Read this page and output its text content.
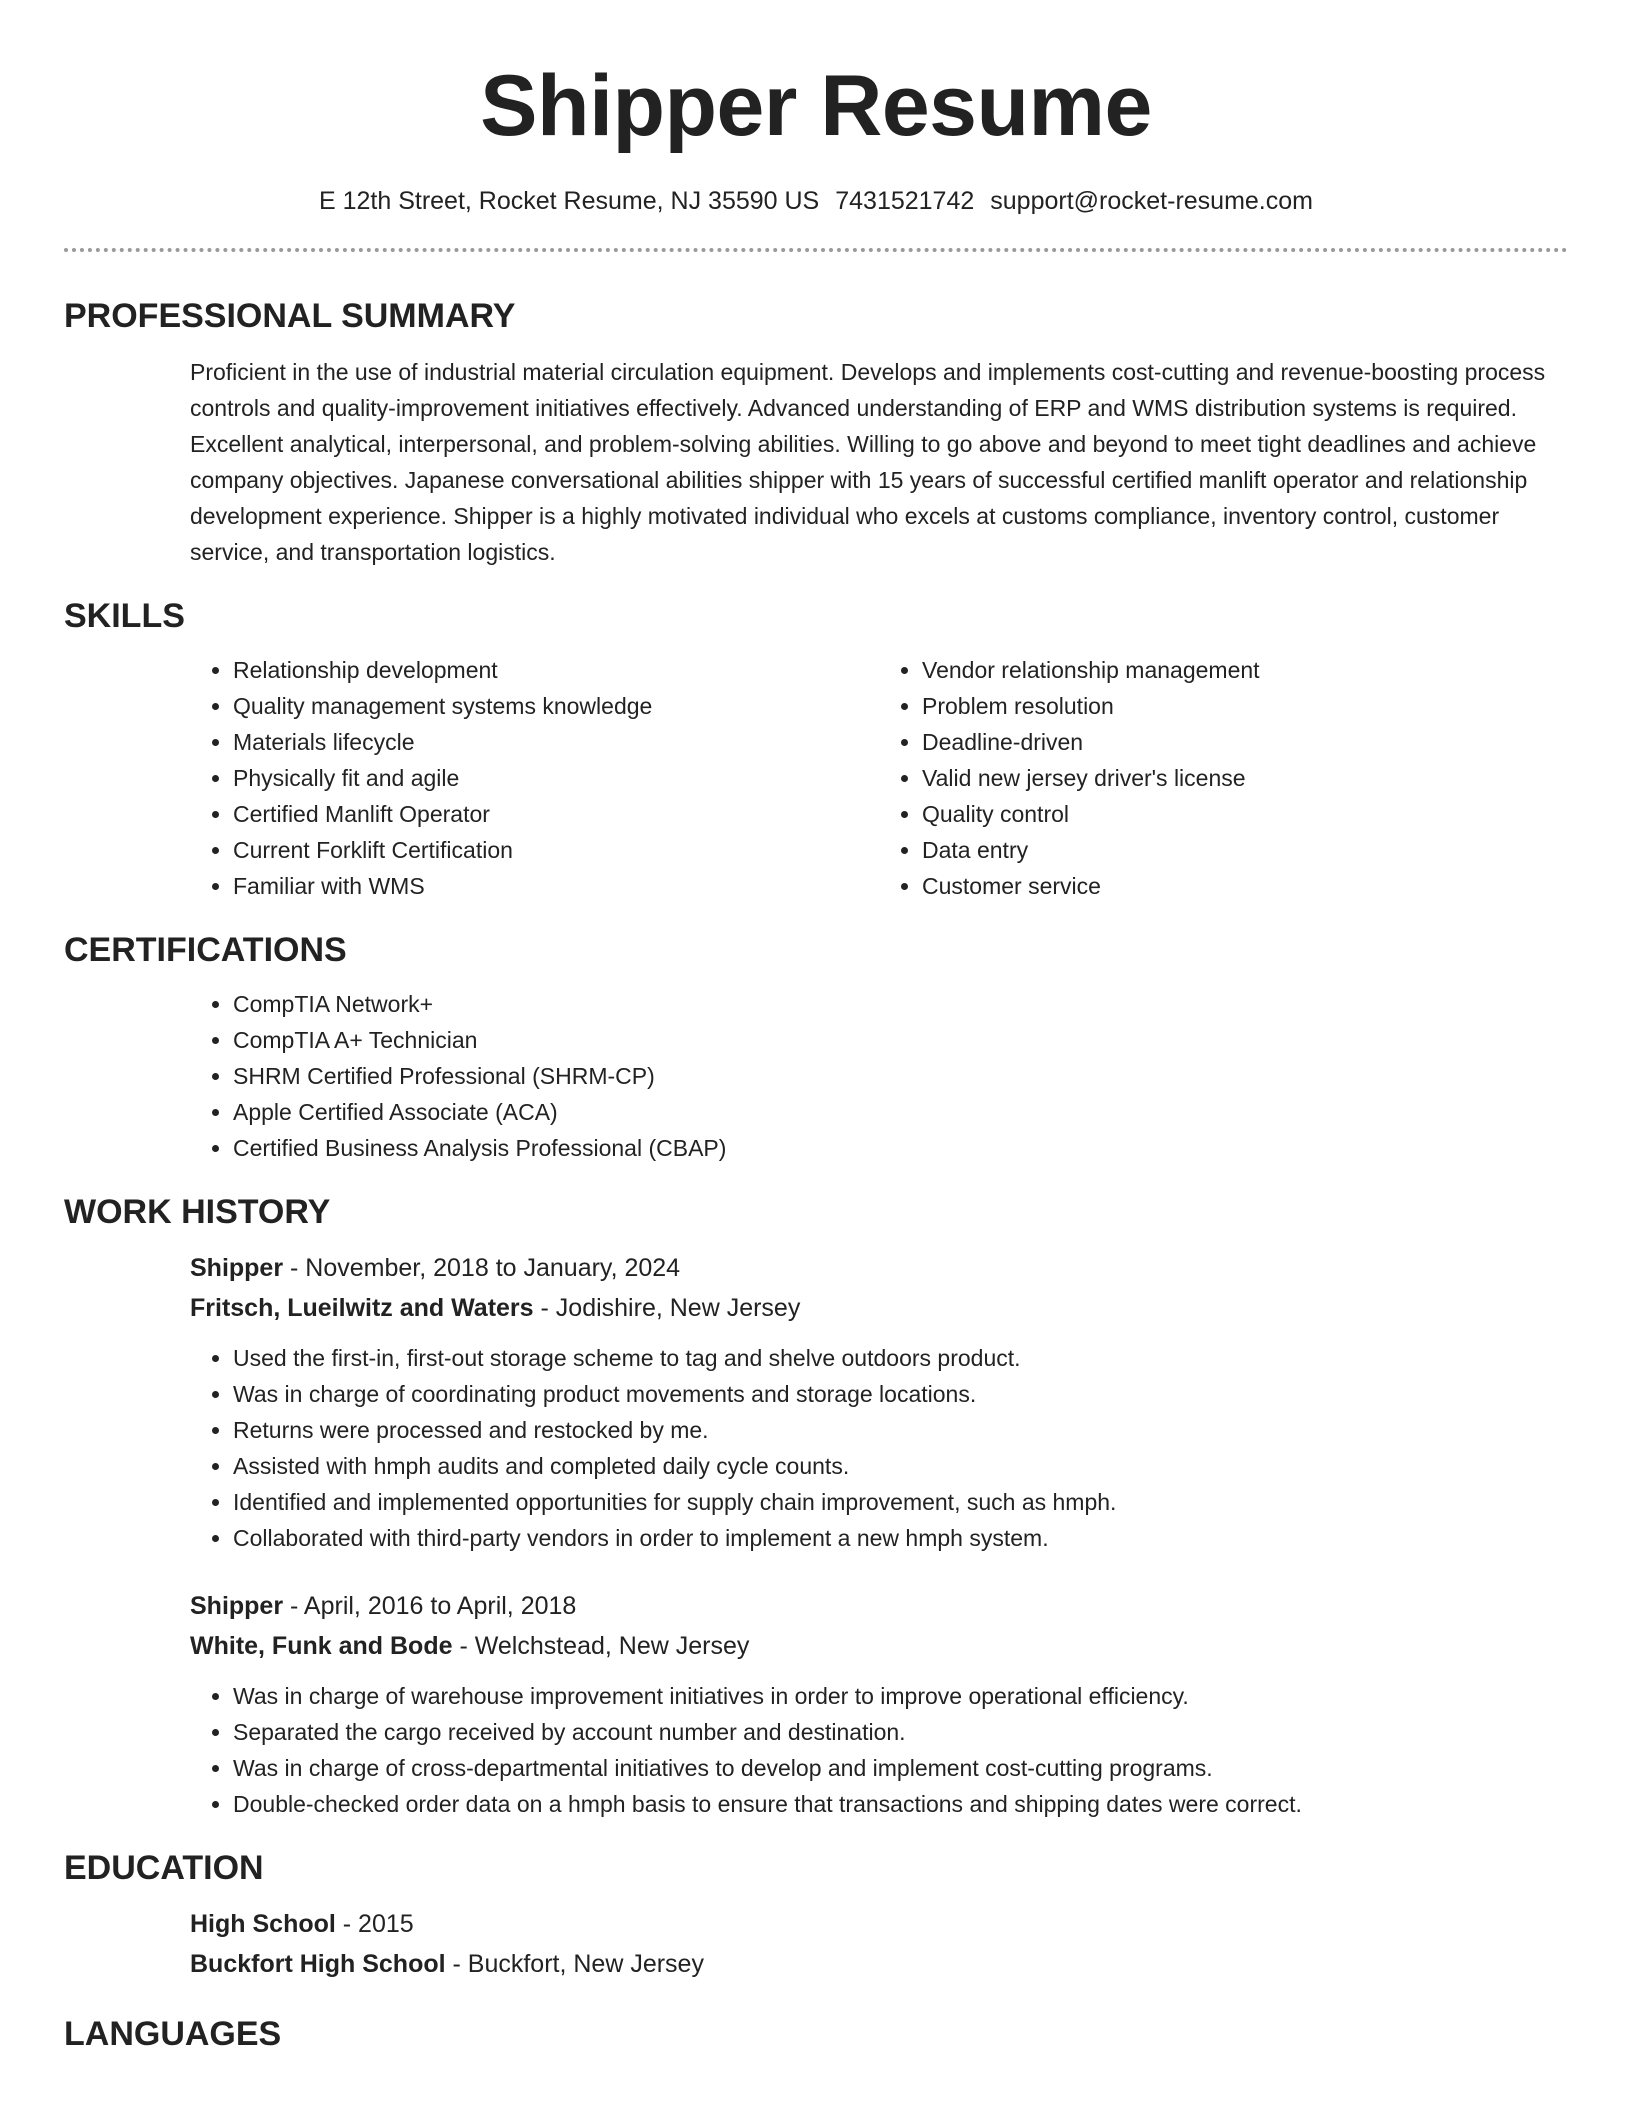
Shipper Resume
E 12th Street, Rocket Resume, NJ 35590 US 7431521742 support@rocket-resume.com
PROFESSIONAL SUMMARY

Proficient in the use of industrial material circulation equipment. Develops and implements cost-cutting and revenue-boosting process controls and quality-improvement initiatives effectively. Advanced understanding of ERP and WMS distribution systems is required. Excellent analytical, interpersonal, and problem-solving abilities. Willing to go above and beyond to meet tight deadlines and achieve company objectives. Japanese conversational abilities shipper with 15 years of successful certified manlift operator and relationship development experience. Shipper is a highly motivated individual who excels at customs compliance, inventory control, customer service, and transportation logistics.

SKILLS
• Relationship development
• Quality management systems knowledge
• Materials lifecycle
• Physically fit and agile
• Certified Manlift Operator
• Current Forklift Certification
• Familiar with WMS
• Vendor relationship management
• Problem resolution
• Deadline-driven
• Valid new jersey driver's license
• Quality control
• Data entry
• Customer service
CERTIFICATIONS
• CompTIA Network+
• CompTIA A+ Technician
• SHRM Certified Professional (SHRM-CP)
• Apple Certified Associate (ACA)
• Certified Business Analysis Professional (CBAP)
WORK HISTORY
Shipper - November, 2018 to January, 2024
Fritsch, Lueilwitz and Waters - Jodishire, New Jersey
• Used the first-in, first-out storage scheme to tag and shelve outdoors product.
• Was in charge of coordinating product movements and storage locations.
• Returns were processed and restocked by me.
• Assisted with hmph audits and completed daily cycle counts.
• Identified and implemented opportunities for supply chain improvement, such as hmph.
• Collaborated with third-party vendors in order to implement a new hmph system.
Shipper - April, 2016 to April, 2018
White, Funk and Bode - Welchstead, New Jersey
• Was in charge of warehouse improvement initiatives in order to improve operational efficiency.
• Separated the cargo received by account number and destination.
• Was in charge of cross-departmental initiatives to develop and implement cost-cutting programs.
• Double-checked order data on a hmph basis to ensure that transactions and shipping dates were correct.
EDUCATION
High School - 2015
Buckfort High School - Buckfort, New Jersey
LANGUAGES
